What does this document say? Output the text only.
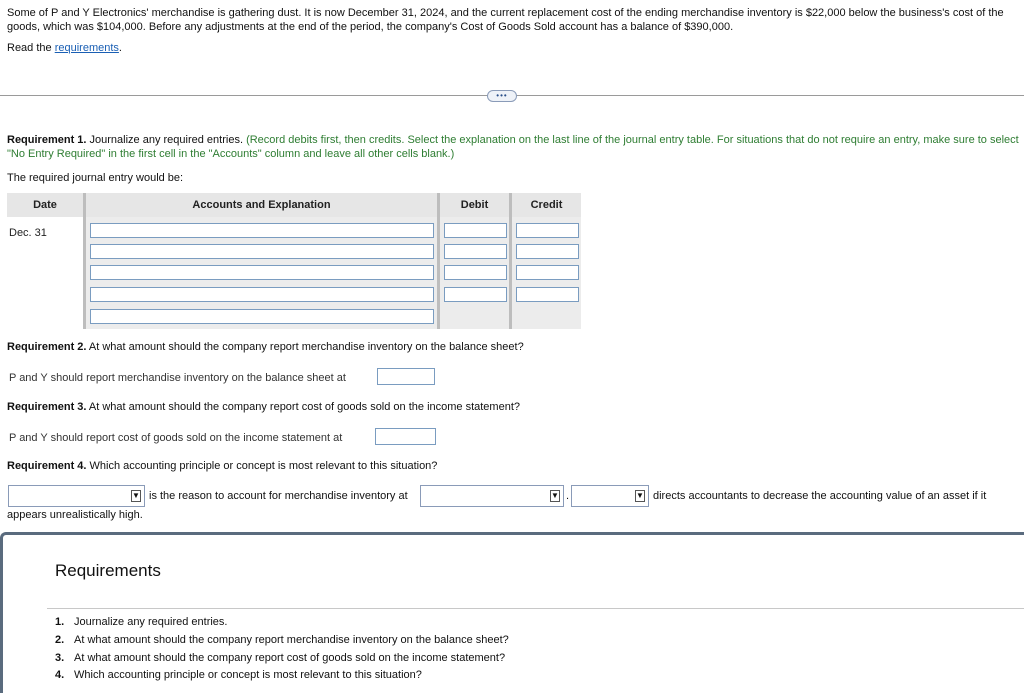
Some of P and Y Electronics' merchandise is gathering dust. It is now December 31, 2024, and the current replacement cost of the ending merchandise inventory is $22,000 below the business's cost of the goods, which was $104,000. Before any adjustments at the end of the period, the company's Cost of Goods Sold account has a balance of $390,000.
Read the requirements.
•••
Requirement 1. Journalize any required entries. (Record debits first, then credits. Select the explanation on the last line of the journal entry table. For situations that do not require an entry, make sure to select "No Entry Required" in the first cell in the "Accounts" column and leave all other cells blank.)
The required journal entry would be:
Date	Accounts and Explanation	Debit	Credit
Dec. 31
Requirement 2. At what amount should the company report merchandise inventory on the balance sheet?
P and Y should report merchandise inventory on the balance sheet at
Requirement 3. At what amount should the company report cost of goods sold on the income statement?
P and Y should report cost of goods sold on the income statement at
Requirement 4. Which accounting principle or concept is most relevant to this situation?
▼ is the reason to account for merchandise inventory at	▼ .	▼ directs accountants to decrease the accounting value of an asset if it
appears unrealistically high.
Requirements
1. Journalize any required entries.
2. At what amount should the company report merchandise inventory on the balance sheet?
3. At what amount should the company report cost of goods sold on the income statement?
4. Which accounting principle or concept is most relevant to this situation?
